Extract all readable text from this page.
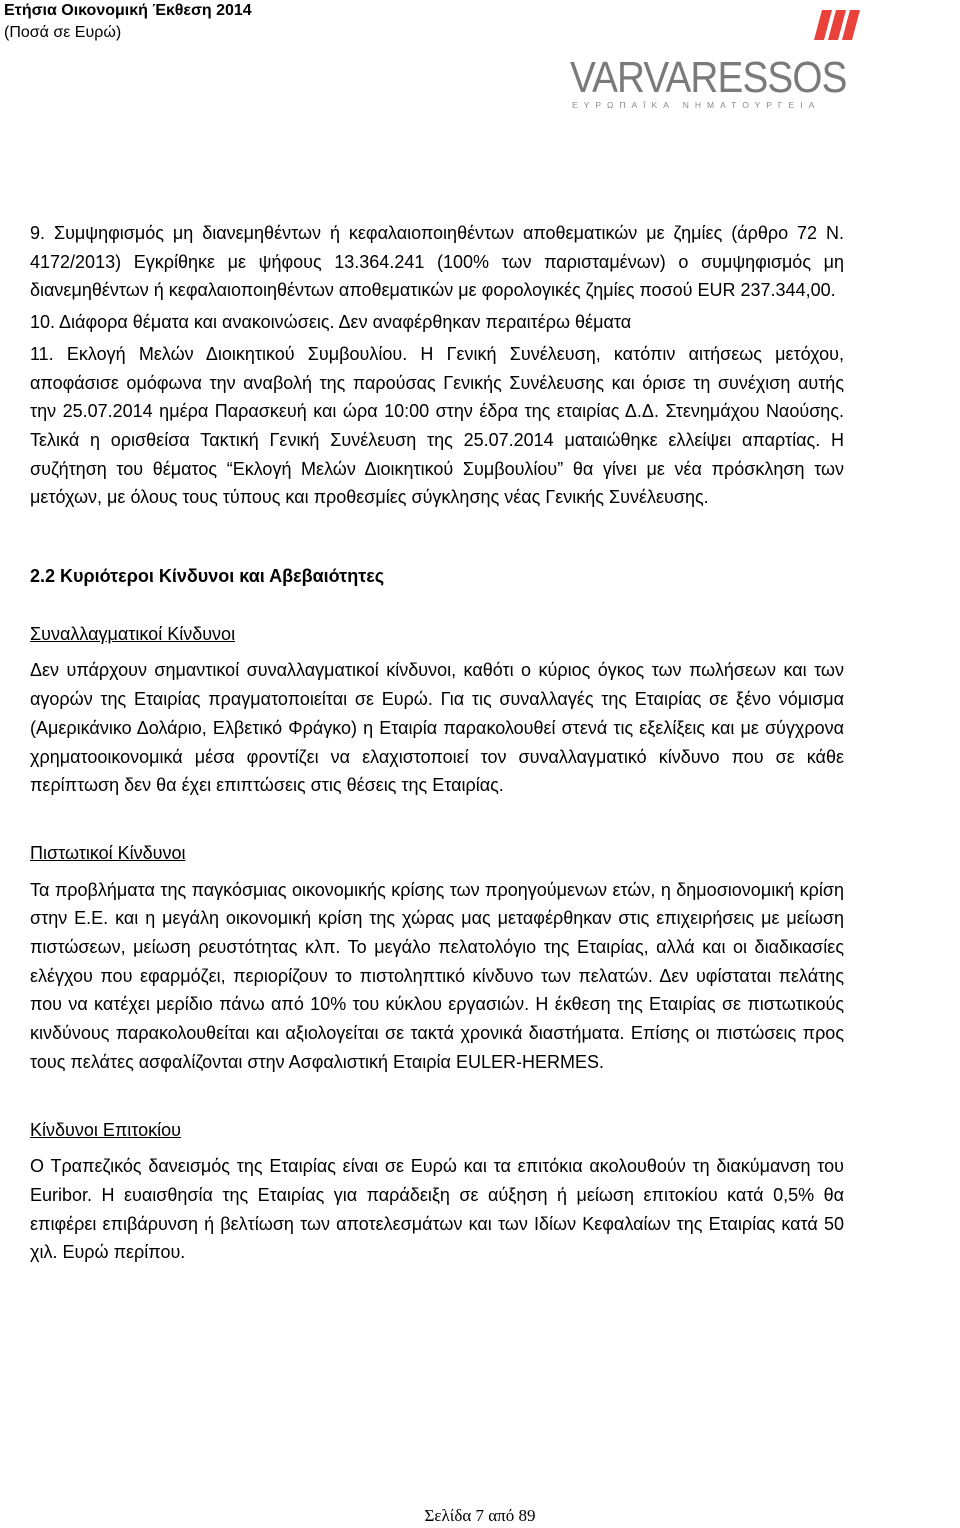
Ετήσια Οικονομική Έκθεση 2014
(Ποσά σε Ευρώ)
VARVARESSOS
ΕΥΡΩΠΑΪΚΑ ΝΗΜΑΤΟΥΡΓΕΙΑ

9. Συμψηφισμός μη διανεμηθέντων ή κεφαλαιοποιηθέντων αποθεματικών με ζημίες (άρθρο 72 Ν. 4172/2013) Εγκρίθηκε με ψήφους 13.364.241 (100% των παρισταμένων) ο συμψηφισμός μη διανεμηθέντων ή κεφαλαιοποιηθέντων αποθεματικών με φορολογικές ζημίες ποσού EUR 237.344,00.

10. Διάφορα θέματα και ανακοινώσεις. Δεν αναφέρθηκαν περαιτέρω θέματα

11. Εκλογή Μελών Διοικητικού Συμβουλίου. Η Γενική Συνέλευση, κατόπιν αιτήσεως μετόχου, αποφάσισε ομόφωνα την αναβολή της παρούσας Γενικής Συνέλευσης και όρισε τη συνέχιση αυτής την 25.07.2014 ημέρα Παρασκευή και ώρα 10:00 στην έδρα της εταιρίας Δ.Δ. Στενημάχου Ναούσης. Τελικά η ορισθείσα Τακτική Γενική Συνέλευση της 25.07.2014 ματαιώθηκε ελλείψει απαρτίας. Η συζήτηση του θέματος “Εκλογή Μελών Διοικητικού Συμβουλίου” θα γίνει με νέα πρόσκληση των μετόχων, με όλους τους τύπους και προθεσμίες σύγκλησης νέας Γενικής Συνέλευσης.

2.2 Κυριότεροι Κίνδυνοι και Αβεβαιότητες

Συναλλαγματικοί Κίνδυνοι

Δεν υπάρχουν σημαντικοί συναλλαγματικοί κίνδυνοι, καθότι ο κύριος όγκος των πωλήσεων και των αγορών της Εταιρίας πραγματοποιείται σε Ευρώ. Για τις συναλλαγές της Εταιρίας σε ξένο νόμισμα (Αμερικάνικο Δολάριο, Ελβετικό Φράγκο) η Εταιρία παρακολουθεί στενά τις εξελίξεις και με σύγχρονα χρηματοοικονομικά μέσα φροντίζει να ελαχιστοποιεί τον συναλλαγματικό κίνδυνο που σε κάθε περίπτωση δεν θα έχει επιπτώσεις στις θέσεις της Εταιρίας.

Πιστωτικοί Κίνδυνοι

Τα προβλήματα της παγκόσμιας οικονομικής κρίσης των προηγούμενων ετών, η δημοσιονομική κρίση στην Ε.Ε. και η μεγάλη οικονομική κρίση της χώρας μας μεταφέρθηκαν στις επιχειρήσεις με μείωση πιστώσεων, μείωση ρευστότητας κλπ. Το μεγάλο πελατολόγιο της Εταιρίας, αλλά και οι διαδικασίες ελέγχου που εφαρμόζει, περιορίζουν το πιστοληπτικό κίνδυνο των πελατών. Δεν υφίσταται πελάτης που να κατέχει μερίδιο πάνω από 10% του κύκλου εργασιών. Η έκθεση της Εταιρίας σε πιστωτικούς κινδύνους παρακολουθείται και αξιολογείται σε τακτά χρονικά διαστήματα. Επίσης οι πιστώσεις προς τους πελάτες ασφαλίζονται στην Ασφαλιστική Εταιρία EULER-HERMES.

Κίνδυνοι Επιτοκίου

Ο Τραπεζικός δανεισμός της Εταιρίας είναι σε Ευρώ και τα επιτόκια ακολουθούν τη διακύμανση του Euribor. Η ευαισθησία της Εταιρίας για παράδειξη σε αύξηση ή μείωση επιτοκίου κατά 0,5% θα επιφέρει επιβάρυνση ή βελτίωση των αποτελεσμάτων και των Ιδίων Κεφαλαίων της Εταιρίας κατά 50 χιλ. Ευρώ περίπου.

Σελίδα 7 από 89
